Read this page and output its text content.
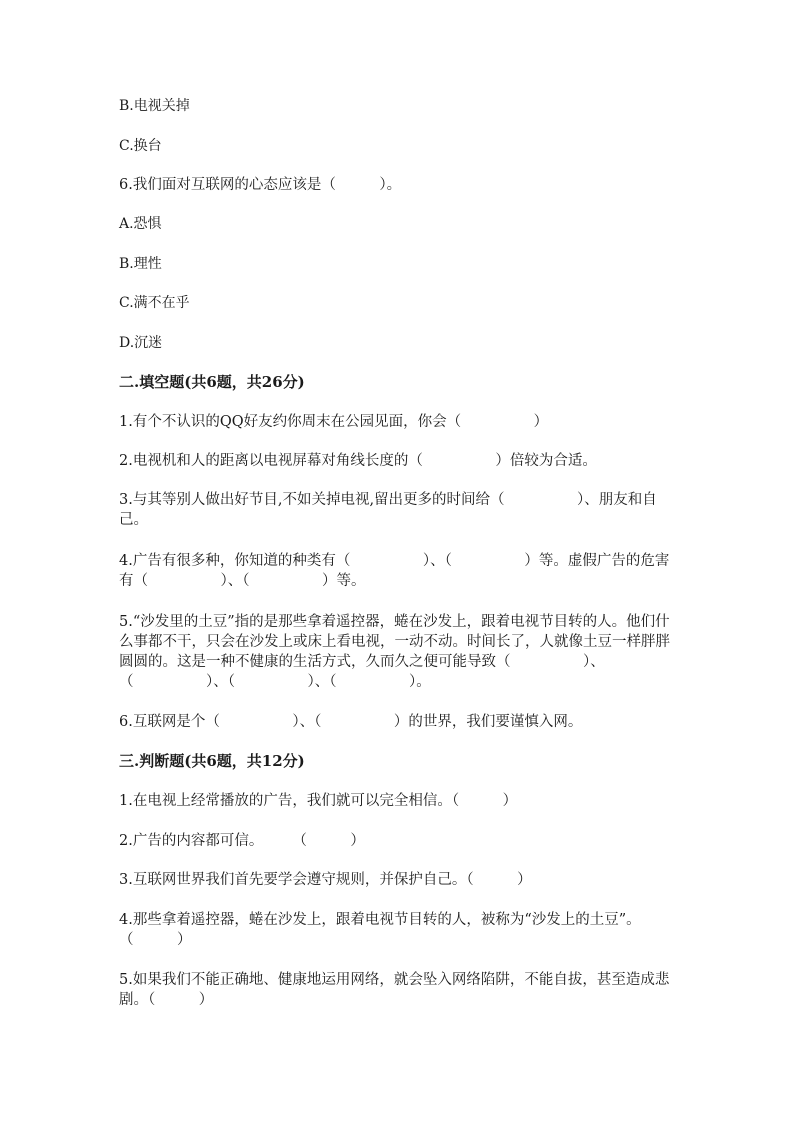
B.电视关掉
C.换台
6.我们面对互联网的心态应该是（　　　）。
A.恐惧
B.理性
C.满不在乎
D.沉迷
二.填空题(共6题，共26分)
1.有个不认识的QQ好友约你周末在公园见面，你会（　　　　　）
2.电视机和人的距离以电视屏幕对角线长度的（　　　　　）倍较为合适。
3.与其等别人做出好节目,不如关掉电视,留出更多的时间给（　　　　　）、朋友和自己。
4.广告有很多种，你知道的种类有（　　　　　）、（　　　　　）等。虚假广告的危害有（　　　　　）、（　　　　　）等。
5.“沙发里的土豆”指的是那些拿着遥控器，蜷在沙发上，跟着电视节目转的人。他们什么事都不干，只会在沙发上或床上看电视，一动不动。时间长了，人就像土豆一样胖胖圆圆的。这是一种不健康的生活方式，久而久之便可能导致（　　　　　）、（　　　　　）、（　　　　　）、（　　　　　）。
6.互联网是个（　　　　　）、（　　　　　）的世界，我们要谨慎入网。
三.判断题(共6题，共12分)
1.在电视上经常播放的广告，我们就可以完全相信。（　　　）
2.广告的内容都可信。　　　（　　　）
3.互联网世界我们首先要学会遵守规则，并保护自己。（　　　）
4.那些拿着遥控器，蜷在沙发上，跟着电视节目转的人，被称为“沙发上的土豆”。（　　　）
5.如果我们不能正确地、健康地运用网络，就会坠入网络陷阱，不能自拔，甚至造成悲剧。（　　　）
